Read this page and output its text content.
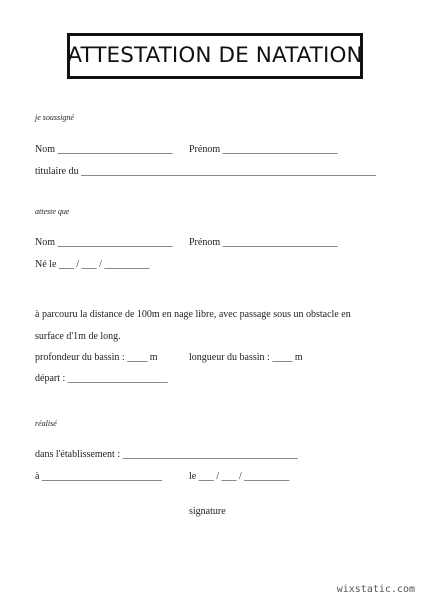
ATTESTATION DE NATATION
je soussigné
Nom _______________________ Prénom _______________________
titulaire du ___________________________________________________________
atteste que
Nom _______________________ Prénom _______________________
Né le ___ / ___ / _________
à parcouru la distance de 100m en nage libre, avec passage sous un obstacle en
surface d'1m de long.
profondeur du bassin : ____ m	longueur du bassin : ____ m
départ : ____________________
réalisé
dans l'établissement : ___________________________________
à ________________________	le ___ / ___ / _________
signature
wixstatic.com
